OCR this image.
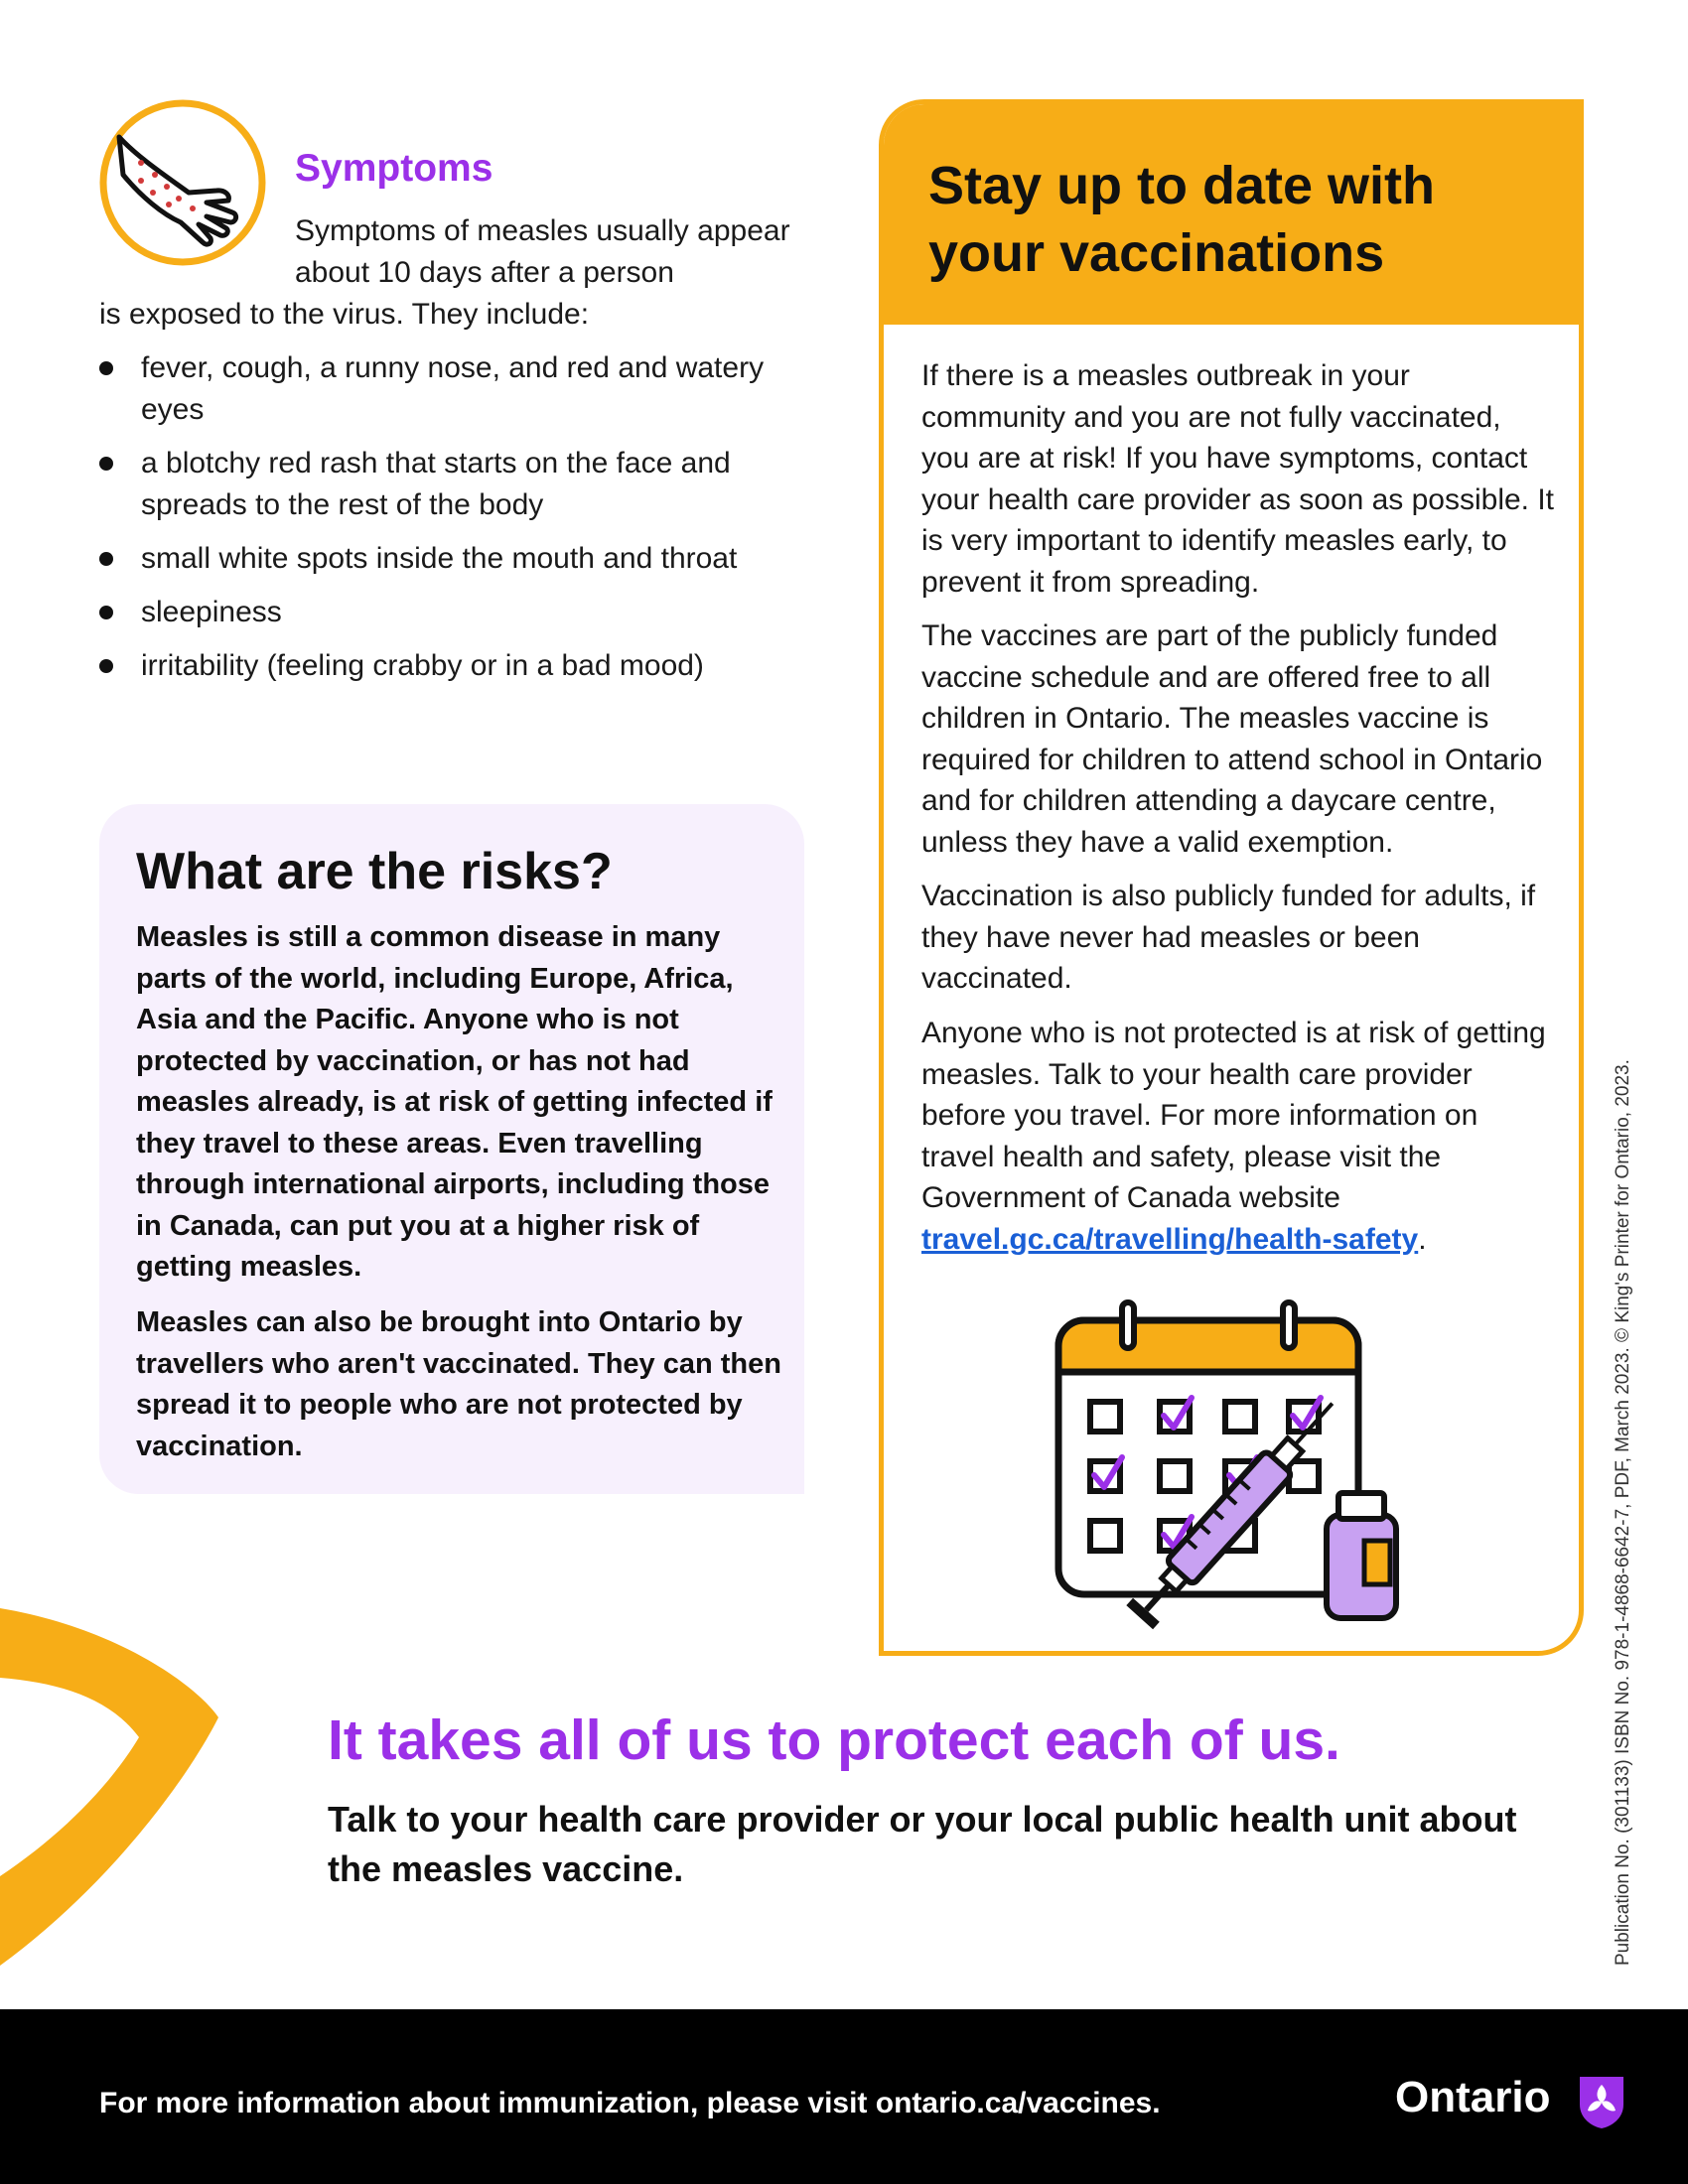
Symptoms
Symptoms of measles usually appear about 10 days after a person
is exposed to the virus. They include:
fever, cough, a runny nose, and red and watery eyes
a blotchy red rash that starts on the face and spreads to the rest of the body
small white spots inside the mouth and throat
sleepiness
irritability (feeling crabby or in a bad mood)
What are the risks?
Measles is still a common disease in many parts of the world, including Europe, Africa, Asia and the Pacific. Anyone who is not protected by vaccination, or has not had measles already, is at risk of getting infected if they travel to these areas. Even travelling through international airports, including those in Canada, can put you at a higher risk of getting measles.
Measles can also be brought into Ontario by travellers who aren't vaccinated. They can then spread it to people who are not protected by vaccination.
Stay up to date with your vaccinations
If there is a measles outbreak in your community and you are not fully vaccinated, you are at risk! If you have symptoms, contact your health care provider as soon as possible. It is very important to identify measles early, to prevent it from spreading.
The vaccines are part of the publicly funded vaccine schedule and are offered free to all children in Ontario. The measles vaccine is required for children to attend school in Ontario and for children attending a daycare centre, unless they have a valid exemption.
Vaccination is also publicly funded for adults, if they have never had measles or been vaccinated.
Anyone who is not protected is at risk of getting measles. Talk to your health care provider before you travel. For more information on travel health and safety, please visit the Government of Canada website travel.gc.ca/travelling/health-safety.
It takes all of us to protect each of us.
Talk to your health care provider or your local public health unit about the measles vaccine.	Publication No. (301133) ISBN No. 978-1-4868-6642-7, PDF, March 2023. © King's Printer for Ontario, 2023.
For more information about immunization, please visit ontario.ca/vaccines.	Ontario
